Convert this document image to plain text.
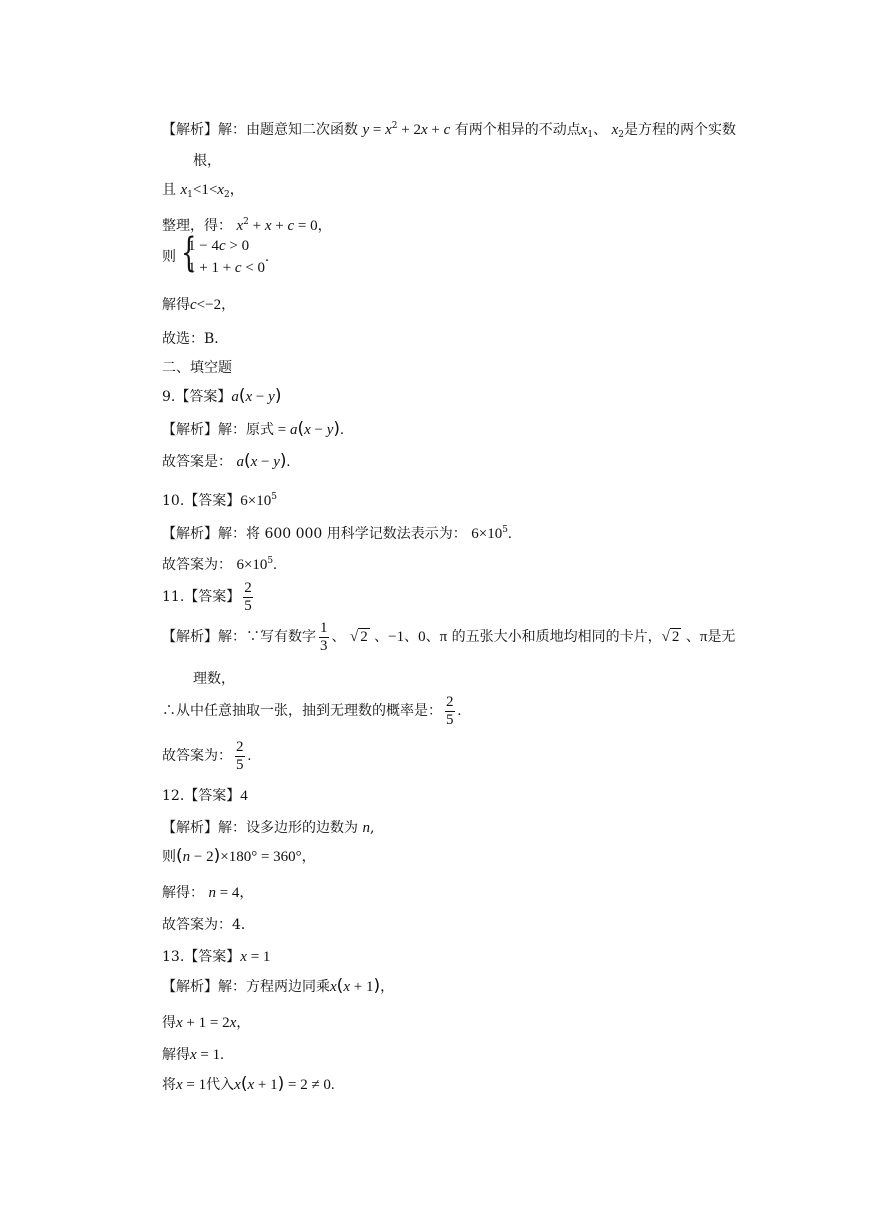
【解析】解：由题意知二次函数 $y = x^2 + 2x + c$ 有两个相异的不动点$x_1$、 $x_2$是方程的两个实数
根，
且 $x_1<1<x_2$，
整理，得： $x^2 + x + c = 0$，
则 {
1 − 4c > 0
1 + 1 + c < 0
.
解得c<−2，
故选：B．
二、填空题
9.【答案】a(x − y)
【解析】解：原式 = a(x − y).
故答案是： a(x − y).
10.【答案】$6\times 10^5$
【解析】解：将 600 000 用科学记数法表示为： $6\times 10^5$.
故答案为： $6\times 10^5$.
11.【答案】 $\frac{2}{5}$
【解析】解：∵写有数字 $\frac{1}{3}$ 、 √ 2 、−1、0、π 的五张大小和质地均相同的卡片，√ 2 、π是无
理数，
∴从中任意抽取一张，抽到无理数的概率是： $\frac{2}{5}$ .
故答案为： $\frac{2}{5}$ .
12.【答案】4
【解析】解：设多边形的边数为 n,
则(n − 2)×180° = 360°，
解得： n = 4，
故答案为：4．
13.【答案】x = 1
【解析】解：方程两边同乘x(x + 1)，
得x + 1 = 2x，
解得x = 1.
将x = 1代入x(x + 1) = 2 ≠ 0.
